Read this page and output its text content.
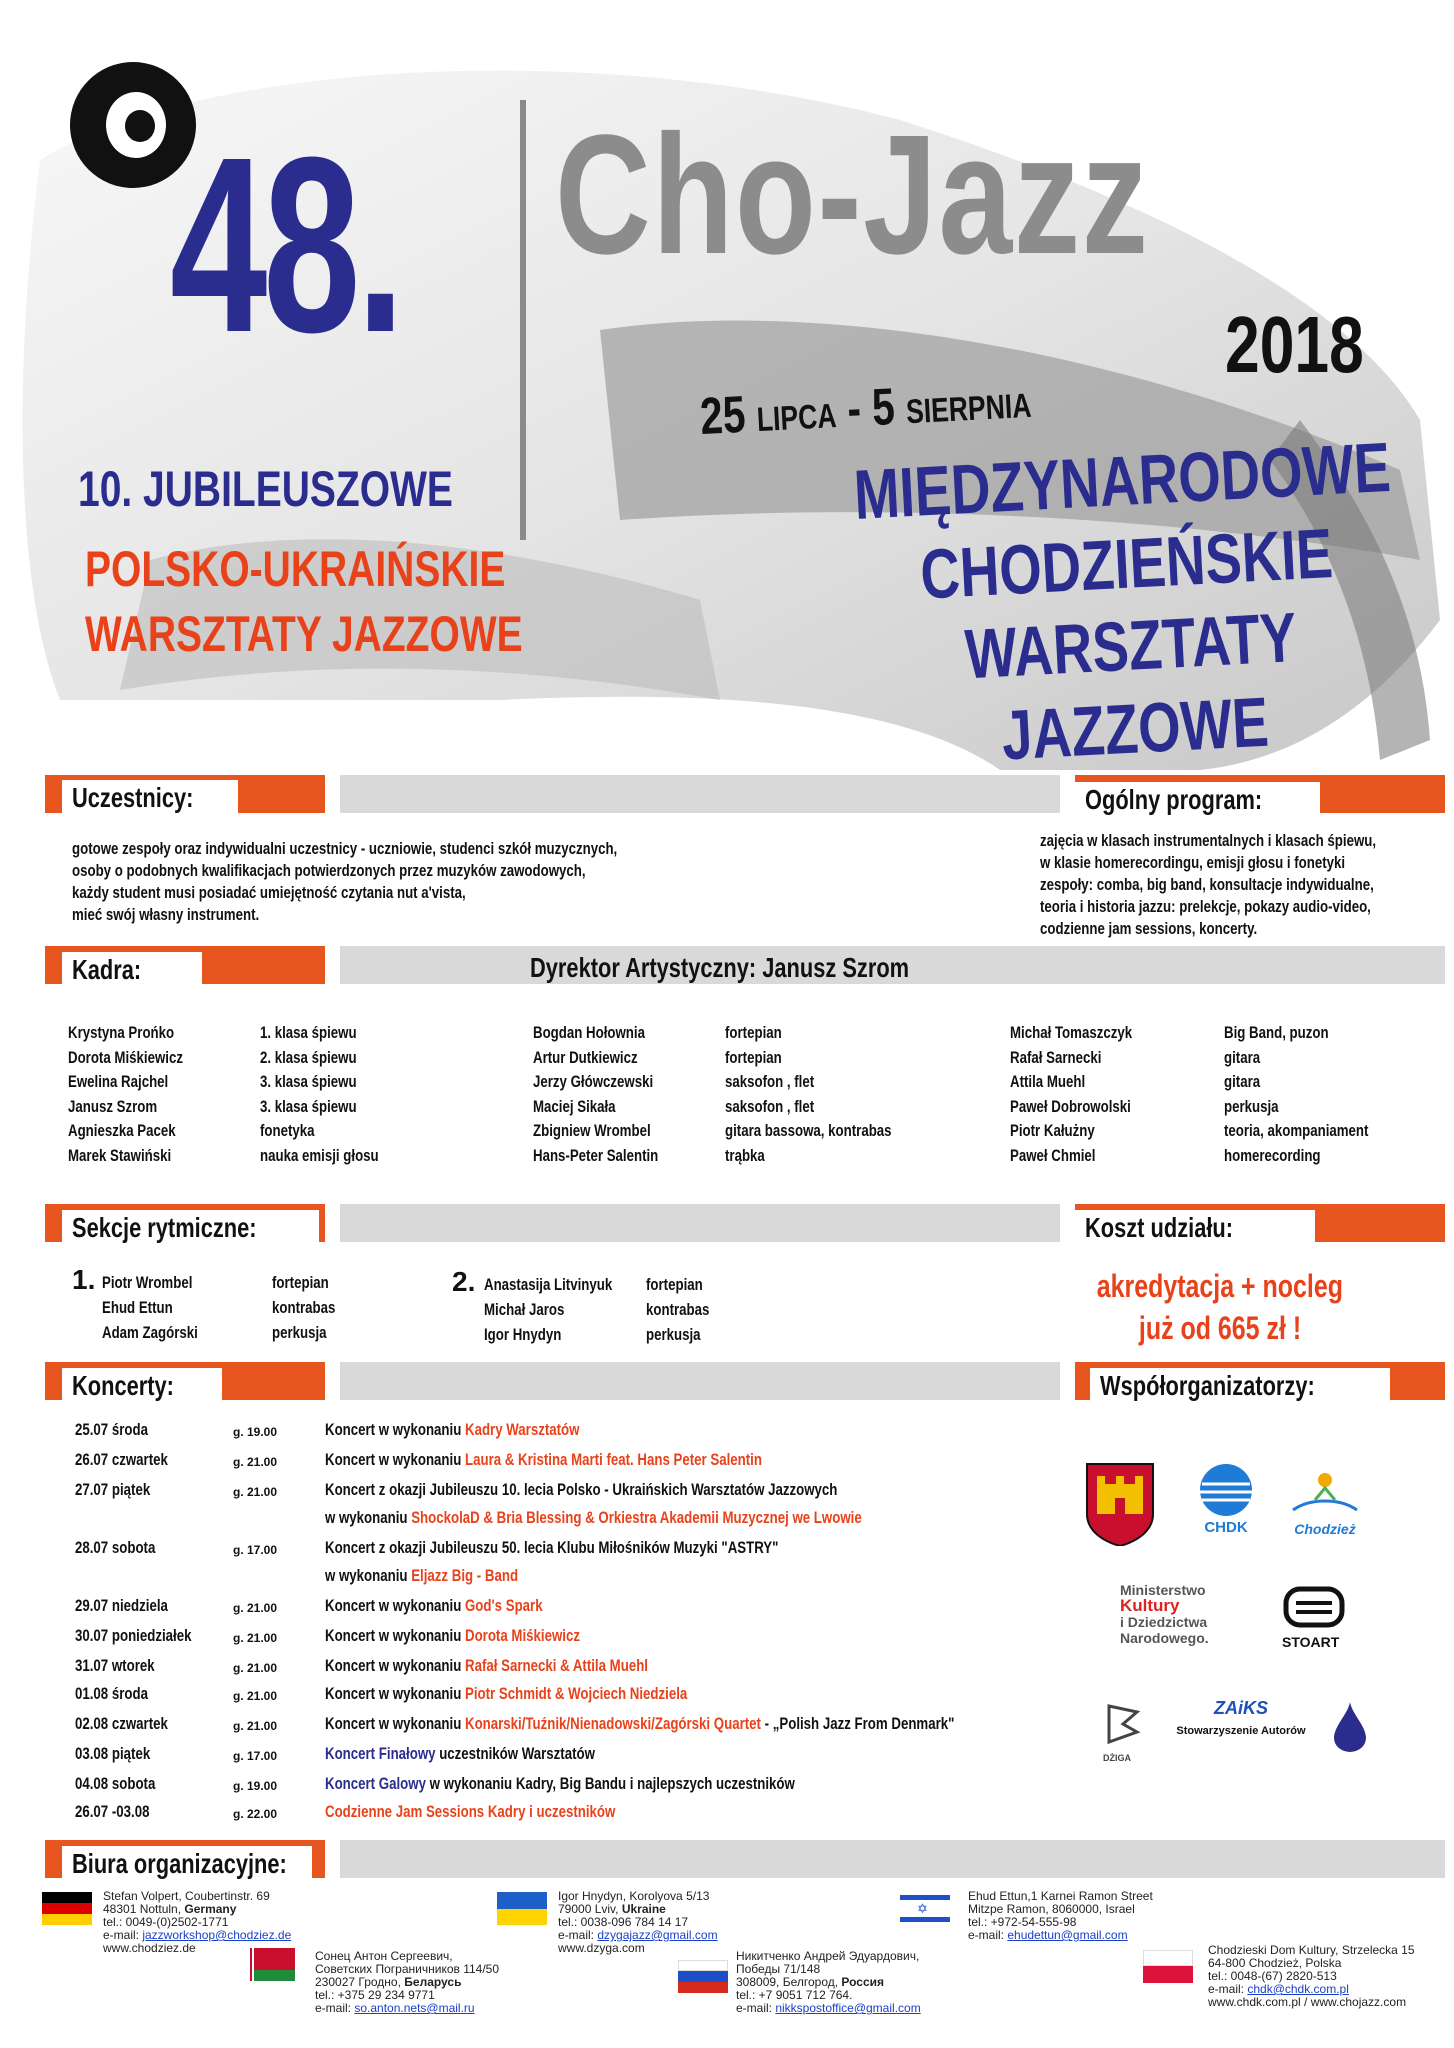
48. Cho-Jazz
2018
25 LIPCA - 5 SIERPNIA
MIĘDZYNARODOWE
CHODZIEŃSKIE
WARSZTATY JAZZOWE
10. JUBILEUSZOWE
POLSKO-UKRAIŃSKIE
WARSZTATY JAZZOWE
Uczestnicy:	Ogólny program:
gotowe zespoły oraz indywidualni uczestnicy - uczniowie, studenci szkół muzycznych,
osoby o podobnych kwalifikacjach potwierdzonych przez muzyków zawodowych,
każdy student musi posiadać umiejętność czytania nut a'vista,
mieć swój własny instrument.
zajęcia w klasach instrumentalnych i klasach śpiewu,
w klasie homerecordingu, emisji głosu i fonetyki
zespoły: comba, big band, konsultacje indywidualne,
teoria i historia jazzu: prelekcje, pokazy audio-video,
codzienne jam sessions, koncerty.
Kadra:	Dyrektor Artystyczny: Janusz Szrom
Krystyna Prońko	1. klasa śpiewu
Dorota Miśkiewicz	2. klasa śpiewu
Ewelina Rajchel	3. klasa śpiewu
Janusz Szrom	3. klasa śpiewu
Agnieszka Pacek	fonetyka
Marek Stawiński	nauka emisji głosu
Bogdan Hołownia	fortepian
Artur Dutkiewicz	fortepian
Jerzy Główczewski	saksofon , flet
Maciej Sikała	saksofon , flet
Zbigniew Wrombel	gitara bassowa, kontrabas
Hans-Peter Salentin	trąbka
Michał Tomaszczyk	Big Band, puzon
Rafał Sarnecki	gitara
Attila Muehl	gitara
Paweł Dobrowolski	perkusja
Piotr Kałużny	teoria, akompaniament
Paweł Chmiel	homerecording
Sekcje rytmiczne:	Koszt udziału:
1. Piotr Wrombel	fortepian
Ehud Ettun	kontrabas
Adam Zagórski	perkusja
2. Anastasija Litvinyuk fortepian
Michał Jaros	kontrabas
Igor Hnydyn	perkusja
akredytacja + nocleg
już od 665 zł !
Koncerty:	Współorganizatorzy:
25.07 środa	g. 19.00	Koncert w wykonaniu Kadry Warsztatów
26.07 czwartek	g. 21.00	Koncert w wykonaniu Laura & Kristina Marti feat. Hans Peter Salentin
27.07 piątek	g. 21.00	Koncert z okazji Jubileuszu 10. lecia Polsko - Ukraińskich Warsztatów Jazzowych
w wykonaniu ShockolaD & Bria Blessing & Orkiestra Akademii Muzycznej we Lwowie
28.07 sobota	g. 17.00	Koncert z okazji Jubileuszu 50. lecia Klubu Miłośników Muzyki "ASTRY"
w wykonaniu Eljazz Big - Band
29.07 niedziela	g. 21.00	Koncert w wykonaniu God's Spark
30.07 poniedziałek	g. 21.00	Koncert w wykonaniu Dorota Miśkiewicz
31.07 wtorek	g. 21.00	Koncert w wykonaniu Rafał Sarnecki & Attila Muehl
01.08 środa	g. 21.00	Koncert w wykonaniu Piotr Schmidt & Wojciech Niedziela
02.08 czwartek	g. 21.00	Koncert w wykonaniu Konarski/Tuźnik/Nienadowski/Zagórski Quartet - „Polish Jazz From Denmark"
03.08 piątek	g. 17.00	Koncert Finałowy uczestników Warsztatów
04.08 sobota	g. 19.00	Koncert Galowy w wykonaniu Kadry, Big Bandu i najlepszych uczestników
26.07 -03.08	g. 22.00	Codzienne Jam Sessions Kadry i uczestników
CHDK	Chodzież
Ministerstwo
Kultury
i Dziedzictwa
Narodowego.	STOART
DŻIGA
ZAiKS
Stowarzyszenie Autorów
Biura organizacyjne:
Stefan Volpert, Coubertinstr. 69
48301 Nottuln, Germany
tel.: 0049-(0)2502-1771
e-mail: jazzworkshop@chodziez.de
www.chodziez.de
Сонец Антон Сергеевич,
Советских Пограничников 114/50
230027 Гродно, Беларусь
tel.: +375 29 234 9771
e-mail: so.anton.nets@mail.ru
Igor Hnydyn, Korolyova 5/13
79000 Lviv, Ukraine
tel.: 0038-096 784 14 17
e-mail: dzygajazz@gmail.com
www.dzyga.com
Никитченко Андрей Эдуардович,
Победы 71/148
308009, Белгород, Россия
tel.: +7 9051 712 764.
e-mail: nikkspostoffice@gmail.com
✡
Ehud Ettun,1 Karnei Ramon Street
Mitzpe Ramon, 8060000, Israel
tel.: +972-54-555-98
e-mail: ehudettun@gmail.com
Chodzieski Dom Kultury, Strzelecka 15
64-800 Chodzież, Polska
tel.: 0048-(67) 2820-513
e-mail: chdk@chdk.com.pl
www.chdk.com.pl / www.chojazz.com
